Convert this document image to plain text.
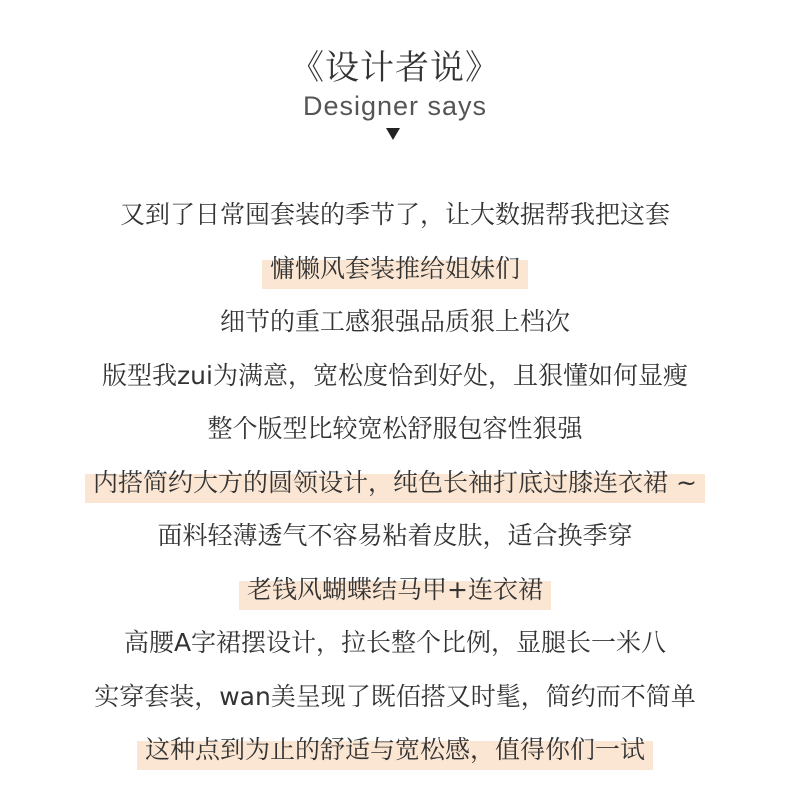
《设计者说》
Designer says
又到了日常囤套装的季节了，让大数据帮我把这套
慵懒风套装推给姐妹们
细节的重工感狠强品质狠上档次
版型我zui为满意，宽松度恰到好处，且狠懂如何显瘦
整个版型比较宽松舒服包容性狠强
内搭简约大方的圆领设计，纯色长袖打底过膝连衣裙 ~
面料轻薄透气不容易粘着皮肤，适合换季穿
老钱风蝴蝶结马甲+连衣裙
高腰A字裙摆设计，拉长整个比例，显腿长一米八
实穿套装，wan美呈现了既佰搭又时髦，简约而不简单
这种点到为止的舒适与宽松感，值得你们一试
